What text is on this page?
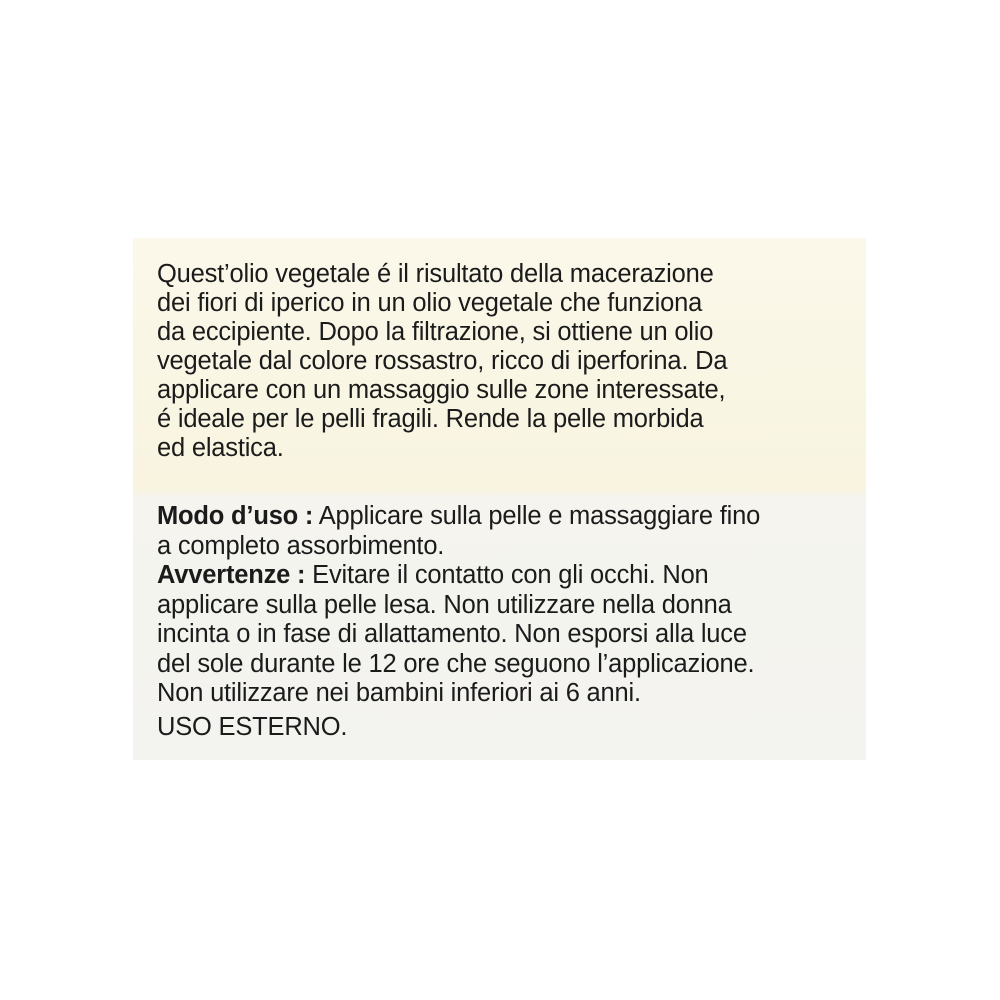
Quest’olio vegetale é il risultato della macerazione
dei fiori di iperico in un olio vegetale che funziona
da eccipiente. Dopo la filtrazione, si ottiene un olio
vegetale dal colore rossastro, ricco di iperforina. Da
applicare con un massaggio sulle zone interessate,
é ideale per le pelli fragili. Rende la pelle morbida
ed elastica.

Modo d’uso : Applicare sulla pelle e massaggiare fino
a completo assorbimento.
Avvertenze : Evitare il contatto con gli occhi. Non
applicare sulla pelle lesa. Non utilizzare nella donna
incinta o in fase di allattamento. Non esporsi alla luce
del sole durante le 12 ore che seguono l’applicazione.
Non utilizzare nei bambini inferiori ai 6 anni.
USO ESTERNO.
